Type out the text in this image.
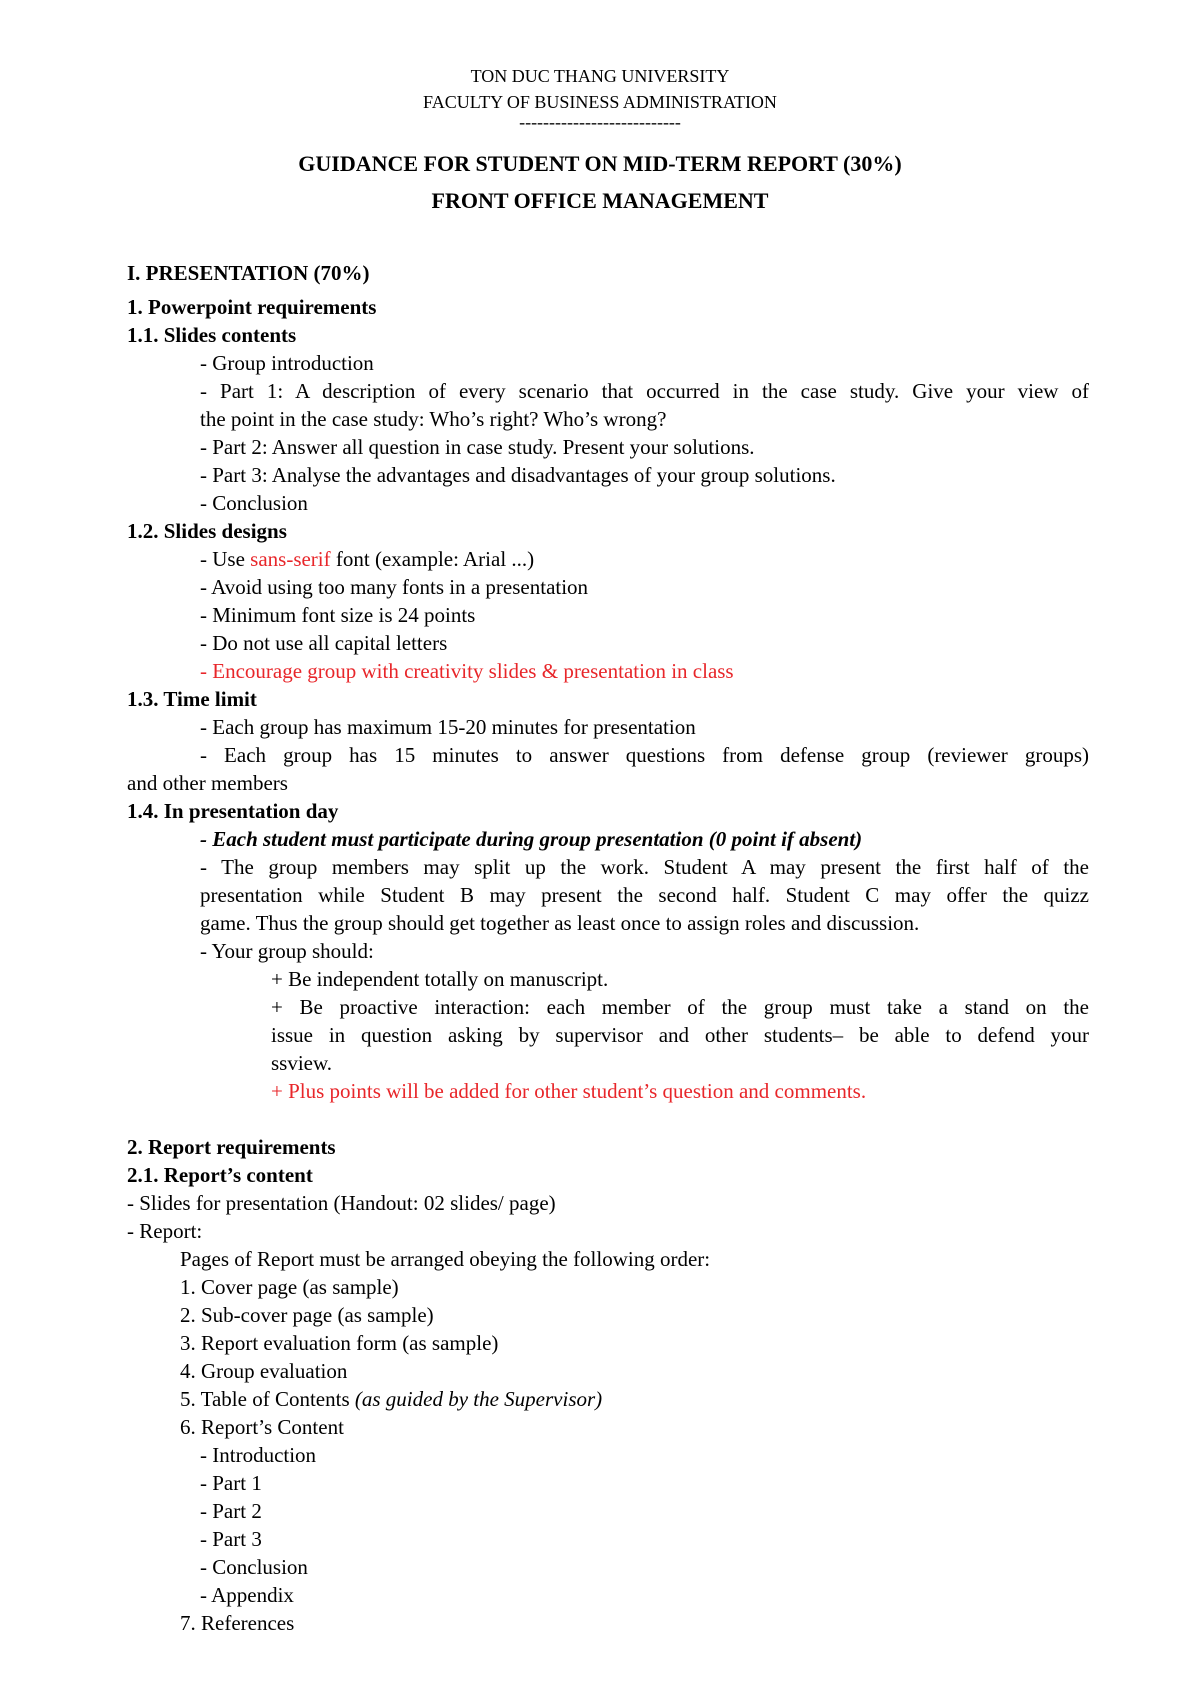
TON DUC THANG UNIVERSITY
FACULTY OF BUSINESS ADMINISTRATION
---------------------------
GUIDANCE FOR STUDENT ON MID-TERM REPORT (30%)
FRONT OFFICE MANAGEMENT
I. PRESENTATION (70%)
1. Powerpoint requirements
1.1. Slides contents
- Group introduction
- Part 1: A description of every scenario that occurred in the case study. Give your view of
the point in the case study: Who’s right? Who’s wrong?
- Part 2: Answer all question in case study. Present your solutions.
- Part 3: Analyse the advantages and disadvantages of your group solutions.
- Conclusion
1.2. Slides designs
- Use sans-serif font (example: Arial ...)
- Avoid using too many fonts in a presentation
- Minimum font size is 24 points
- Do not use all capital letters
- Encourage group with creativity slides & presentation in class
1.3. Time limit
- Each group has maximum 15-20 minutes for presentation
- Each group has 15 minutes to answer questions from defense group (reviewer groups)
and other members
1.4. In presentation day
- Each student must participate during group presentation (0 point if absent)
- The group members may split up the work. Student A may present the first half of the
presentation while Student B may present the second half. Student C may offer the quizz
game. Thus the group should get together as least once to assign roles and discussion.
- Your group should:
+ Be independent totally on manuscript.
+ Be proactive interaction: each member of the group must take a stand on the
issue in question asking by supervisor and other students– be able to defend your
ssview.
+ Plus points will be added for other student’s question and comments.
2. Report requirements
2.1. Report’s content
- Slides for presentation (Handout: 02 slides/ page)
- Report:
Pages of Report must be arranged obeying the following order:
1. Cover page (as sample)
2. Sub-cover page (as sample)
3. Report evaluation form (as sample)
4. Group evaluation
5. Table of Contents (as guided by the Supervisor)
6. Report’s Content
- Introduction
- Part 1
- Part 2
- Part 3
- Conclusion
- Appendix
7. References
